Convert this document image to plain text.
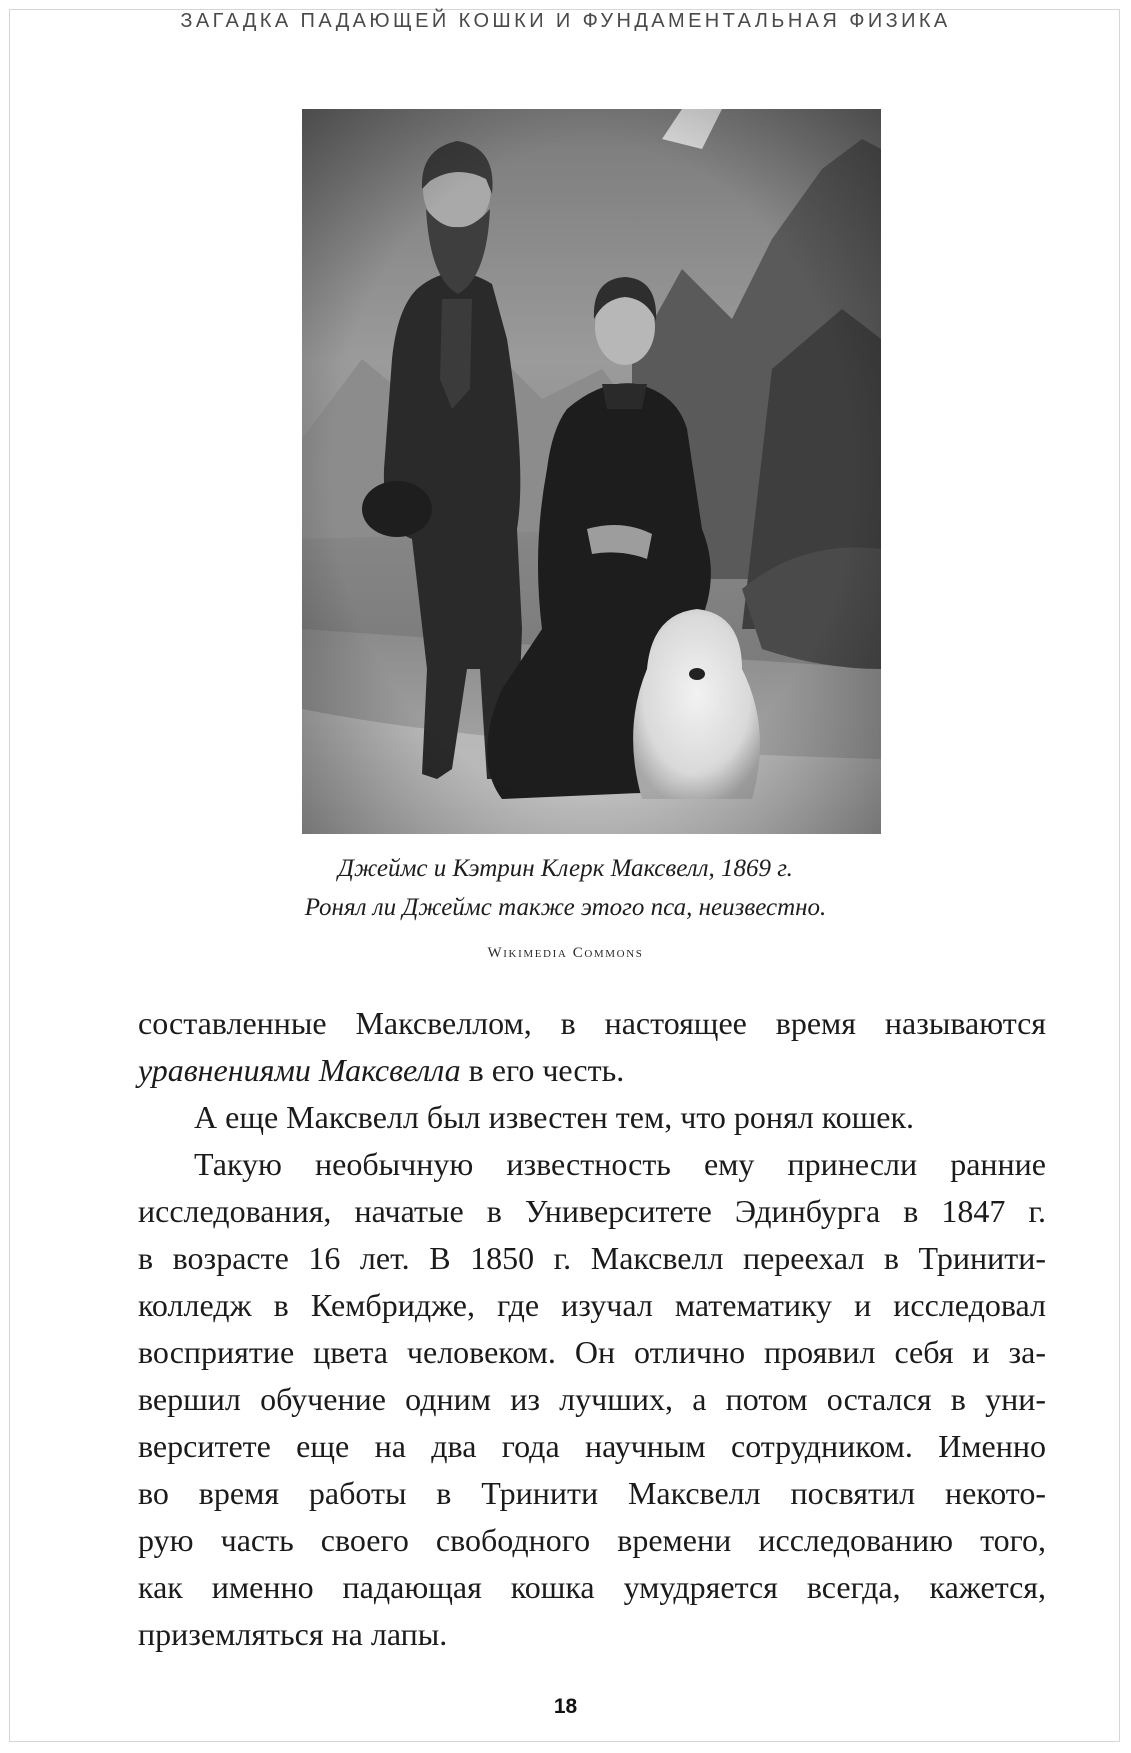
ЗАГАДКА ПАДАЮЩЕЙ КОШКИ И ФУНДАМЕНТАЛЬНАЯ ФИЗИКА
Джеймс и Кэтрин Клерк Максвелл, 1869 г.
Ронял ли Джеймс также этого пса, неизвестно.
Wikimedia Commons
составленные Максвеллом, в настоящее время называются
уравнениями Максвелла в его честь.
А еще Максвелл был известен тем, что ронял кошек.
Такую необычную известность ему принесли ранние
исследования, начатые в Университете Эдинбурга в 1847 г.
в возрасте 16 лет. В 1850 г. Максвелл переехал в Тринити-
колледж в Кембридже, где изучал математику и исследовал
восприятие цвета человеком. Он отлично проявил себя и за-
вершил обучение одним из лучших, а потом остался в уни-
верситете еще на два года научным сотрудником. Именно
во время работы в Тринити Максвелл посвятил некото-
рую часть своего свободного времени исследованию того,
как именно падающая кошка умудряется всегда, кажется,
приземляться на лапы.
18
